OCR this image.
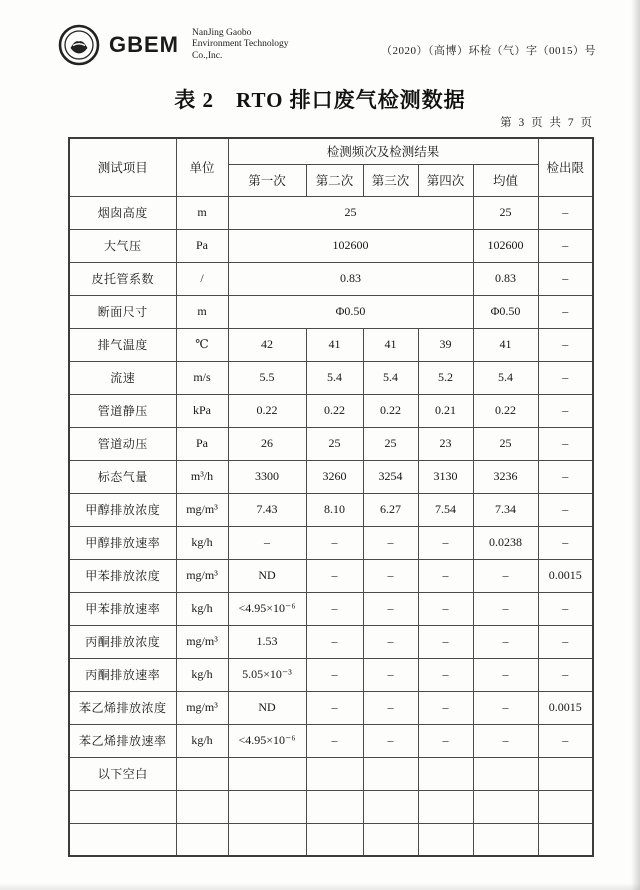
GBEM NanJing Gaobo
Environment Technology
Co.,Inc.	（2020）（高博）环检（气）字（0015）号
表 2　RTO 排口废气检测数据
第 3 页 共 7 页
测试项目	单位	检测频次及检测结果					检出限
		第一次	第二次	第三次	第四次	均值	
烟囱高度	m	25				25	–
大气压	Pa	102600				102600	–
皮托管系数	/	0.83				0.83	–
断面尺寸	m	Φ0.50				Φ0.50	–
排气温度	℃	42	41	41	39	41	–
流速	m/s	5.5	5.4	5.4	5.2	5.4	–
管道静压	kPa	0.22	0.22	0.22	0.21	0.22	–
管道动压	Pa	26	25	25	23	25	–
标态气量	m³/h	3300	3260	3254	3130	3236	–
甲醇排放浓度	mg/m³	7.43	8.10	6.27	7.54	7.34	–
甲醇排放速率	kg/h	–	–	–	–	0.0238	–
甲苯排放浓度	mg/m³	ND	–	–	–	–	0.0015
甲苯排放速率	kg/h	<4.95×10⁻⁶	–	–	–	–	–
丙酮排放浓度	mg/m³	1.53	–	–	–	–	–
丙酮排放速率	kg/h	5.05×10⁻³	–	–	–	–	–
苯乙烯排放浓度	mg/m³	ND	–	–	–	–	0.0015
苯乙烯排放速率	kg/h	<4.95×10⁻⁶	–	–	–	–	–
以下空白							
